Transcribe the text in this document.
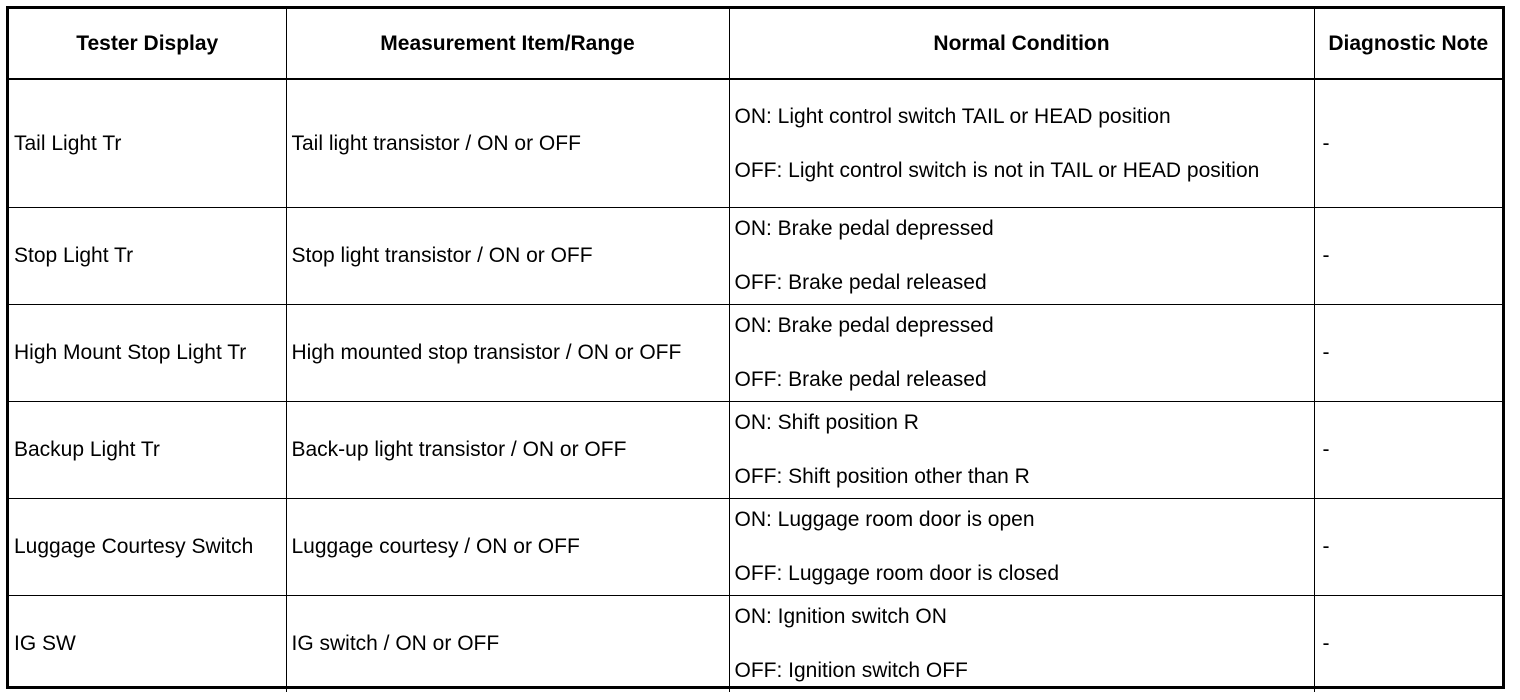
Tester Display	Measurement Item/Range	Normal Condition	Diagnostic Note
Tail Light Tr	Tail light transistor / ON or OFF	ON: Light control switch TAIL or HEAD position
OFF: Light control switch is not in TAIL or HEAD position	-
Stop Light Tr	Stop light transistor / ON or OFF	ON: Brake pedal depressed
OFF: Brake pedal released	-
High Mount Stop Light Tr	High mounted stop transistor / ON or OFF	ON: Brake pedal depressed
OFF: Brake pedal released	-
Backup Light Tr	Back-up light transistor / ON or OFF	ON: Shift position R
OFF: Shift position other than R	-
Luggage Courtesy Switch	Luggage courtesy / ON or OFF	ON: Luggage room door is open
OFF: Luggage room door is closed	-
IG SW	IG switch / ON or OFF	ON: Ignition switch ON
OFF: Ignition switch OFF	-
